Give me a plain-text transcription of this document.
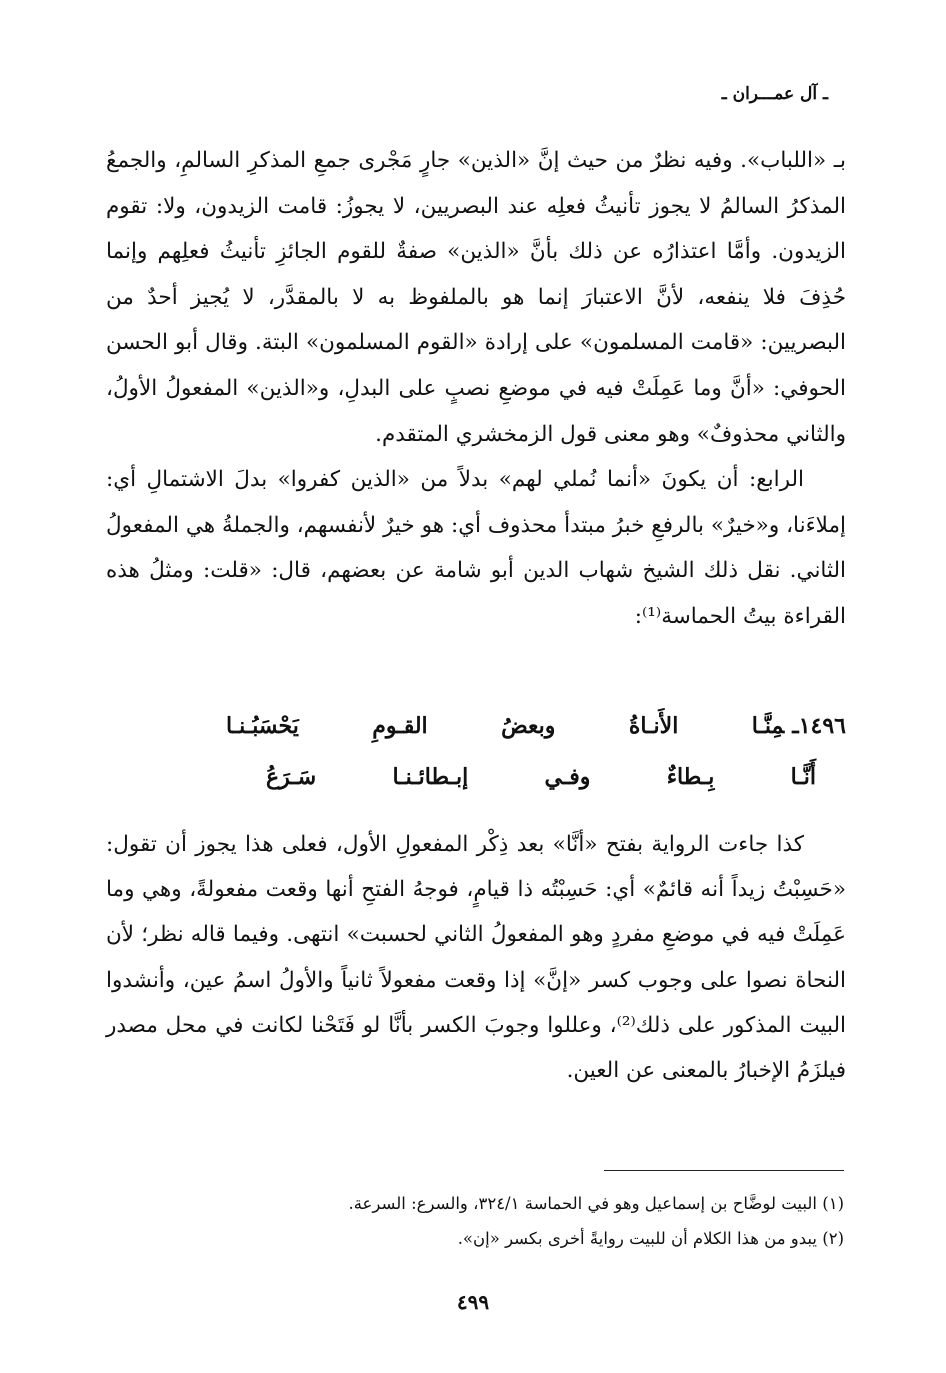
ـ آل عمـــران ـ

بـ «اللباب». وفيه نظرٌ من حيث إنَّ «الذين» جارٍ مَجْرى جمعِ المذكرِ السالمِ، والجمعُ المذكرُ السالمُ لا يجوز تأنيثُ فعلِه عند البصريين، لا يجوزُ: قامت الزيدون، ولا: تقوم الزيدون. وأمَّا اعتذارُه عن ذلك بأنَّ «الذين» صفةٌ للقوم الجائزِ تأنيثُ فعلِهم وإنما حُذِفَ فلا ينفعه، لأنَّ الاعتبارَ إنما هو بالملفوظ به لا بالمقدَّر، لا يُجيز أحدٌ من البصريين: «قامت المسلمون» على إرادة «القوم المسلمون» البتة. وقال أبو الحسن الحوفي: «أنَّ وما عَمِلَتْ فيه في موضعِ نصبٍ على البدلِ، و«الذين» المفعولُ الأولُ، والثاني محذوفٌ» وهو معنى قول الزمخشري المتقدم.

الرابع: أن يكونَ «أنما نُملي لهم» بدلاً من «الذين كفروا» بدلَ الاشتمالِ أي: إملاءَنا، و«خيرٌ» بالرفعِ خبرُ مبتدأ محذوف أي: هو خيرٌ لأنفسهم، والجملةُ هي المفعولُ الثاني. نقل ذلك الشيخ شهاب الدين أبو شامة عن بعضهم، قال: «قلت: ومثلُ هذه القراءة بيتُ الحماسة⁽¹⁾:

١٤٩٦ـمِنَّـا
الأَنـاةُ
وبعضُ
القـومِ
يَحْسَبُـنـا
أَنَّـا
بِـطاءٌ
وفـي
إبـطائـنـا
سَـرَعُ

كذا جاءت الرواية بفتح «أنَّا» بعد ذِكْر المفعولِ الأول، فعلى هذا يجوز أن تقول: «حَسِبْتُ زيداً أنه قائمٌ» أي: حَسِبْتُه ذا قيامٍ، فوجهُ الفتحِ أنها وقعت مفعولةً، وهي وما عَمِلَتْ فيه في موضعِ مفردٍ وهو المفعولُ الثاني لحسبت» انتهى. وفيما قاله نظر؛ لأن النحاة نصوا على وجوب كسر «إنَّ» إذا وقعت مفعولاً ثانياً والأولُ اسمُ عين، وأنشدوا البيت المذكور على ذلك⁽²⁾، وعللوا وجوبَ الكسر بأنَّا لو فَتَحْنا لكانت في محل مصدر فيلزَمُ الإخبارُ بالمعنى عن العين.

(١) البيت لوضَّاح بن إسماعيل وهو في الحماسة ٣٢٤/١، والسرع: السرعة.

(٢) يبدو من هذا الكلام أن للبيت روايةً أخرى بكسر «إن».

٤٩٩
